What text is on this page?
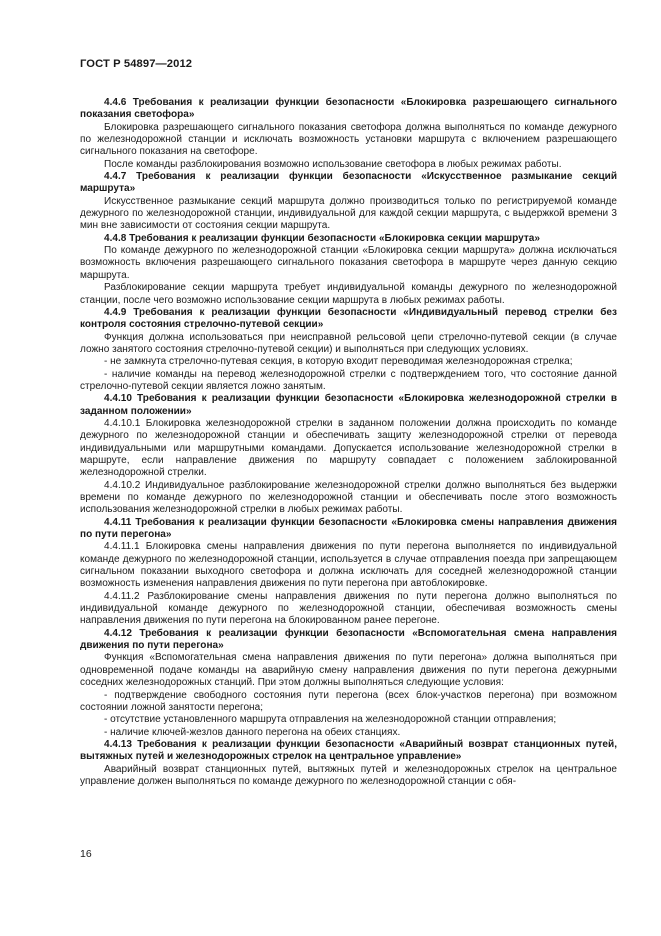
ГОСТ Р 54897—2012

4.4.6 Требования к реализации функции безопасности «Блокировка разрешающего сигнального показания светофора»

Блокировка разрешающего сигнального показания светофора должна выполняться по команде дежурного по железнодорожной станции и исключать возможность установки маршрута с включением разрешающего сигнального показания на светофоре.

После команды разблокирования возможно использование светофора в любых режимах работы.

4.4.7 Требования к реализации функции безопасности «Искусственное размыкание секций маршрута»

Искусственное размыкание секций маршрута должно производиться только по регистрируемой команде дежурного по железнодорожной станции, индивидуальной для каждой секции маршрута, с выдержкой времени 3 мин вне зависимости от состояния секции маршрута.

4.4.8 Требования к реализации функции безопасности «Блокировка секции маршрута»

По команде дежурного по железнодорожной станции «Блокировка секции маршрута» должна исключаться возможность включения разрешающего сигнального показания светофора в маршруте через данную секцию маршрута.

Разблокирование секции маршрута требует индивидуальной команды дежурного по железнодорожной станции, после чего возможно использование секции маршрута в любых режимах работы.

4.4.9 Требования к реализации функции безопасности «Индивидуальный перевод стрелки без контроля состояния стрелочно-путевой секции»

Функция должна использоваться при неисправной рельсовой цепи стрелочно-путевой секции (в случае ложно занятого состояния стрелочно-путевой секции) и выполняться при следующих условиях.

- не замкнута стрелочно-путевая секция, в которую входит переводимая железнодорожная стрелка;

- наличие команды на перевод железнодорожной стрелки с подтверждением того, что состояние данной стрелочно-путевой секции является ложно занятым.

4.4.10 Требования к реализации функции безопасности «Блокировка железнодорожной стрелки в заданном положении»

4.4.10.1 Блокировка железнодорожной стрелки в заданном положении должна происходить по команде дежурного по железнодорожной станции и обеспечивать защиту железнодорожной стрелки от перевода индивидуальными или маршрутными командами. Допускается использование железнодорожной стрелки в маршруте, если направление движения по маршруту совпадает с положением заблокированной железнодорожной стрелки.

4.4.10.2 Индивидуальное разблокирование железнодорожной стрелки должно выполняться без выдержки времени по команде дежурного по железнодорожной станции и обеспечивать после этого возможность использования железнодорожной стрелки в любых режимах работы.

4.4.11 Требования к реализации функции безопасности «Блокировка смены направления движения по пути перегона»

4.4.11.1 Блокировка смены направления движения по пути перегона выполняется по индивидуальной команде дежурного по железнодорожной станции, используется в случае отправления поезда при запрещающем сигнальном показании выходного светофора и должна исключать для соседней железнодорожной станции возможность изменения направления движения по пути перегона при автоблокировке.

4.4.11.2 Разблокирование смены направления движения по пути перегона должно выполняться по индивидуальной команде дежурного по железнодорожной станции, обеспечивая возможность смены направления движения по пути перегона на блокированном ранее перегоне.

4.4.12 Требования к реализации функции безопасности «Вспомогательная смена направления движения по пути перегона»

Функция «Вспомогательная смена направления движения по пути перегона» должна выполняться при одновременной подаче команды на аварийную смену направления движения по пути перегона дежурными соседних железнодорожных станций. При этом должны выполняться следующие условия:

- подтверждение свободного состояния пути перегона (всех блок-участков перегона) при возможном состоянии ложной занятости перегона;

- отсутствие установленного маршрута отправления на железнодорожной станции отправления;

- наличие ключей-жезлов данного перегона на обеих станциях.

4.4.13 Требования к реализации функции безопасности «Аварийный возврат станционных путей, вытяжных путей и железнодорожных стрелок на центральное управление»

Аварийный возврат станционных путей, вытяжных путей и железнодорожных стрелок на центральное управление должен выполняться по команде дежурного по железнодорожной станции с обя-

16
